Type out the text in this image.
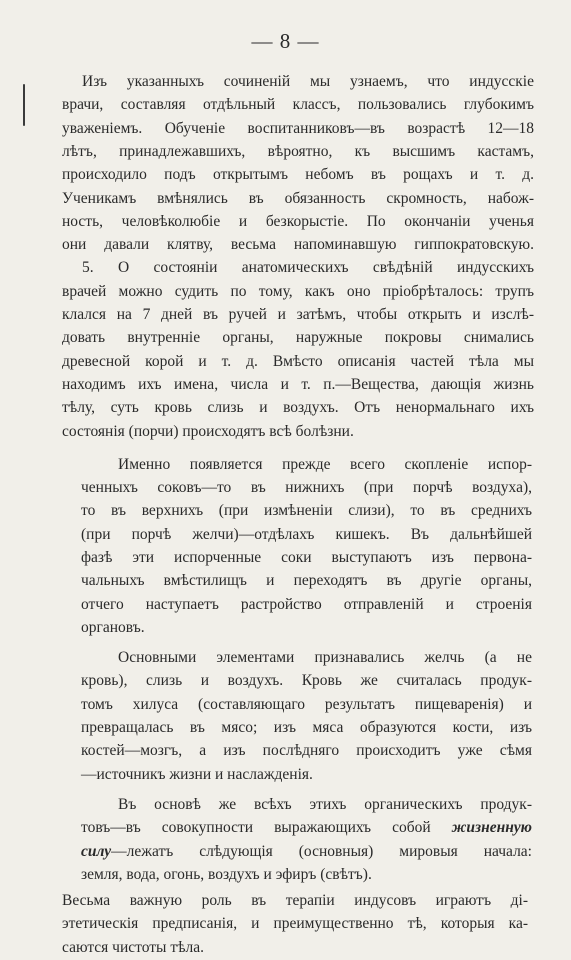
— 8 —
Изъ указанныхъ сочиненій мы узнаемъ, что индусскіе
врачи, составляя отдѣльный классъ, пользовались глубокимъ
уваженіемъ. Обученіе воспитанниковъ—въ возрастѣ 12—18
лѣтъ, принадлежавшихъ, вѣроятно, къ высшимъ кастамъ,
происходило подъ открытымъ небомъ въ рощахъ и т. д.
Ученикамъ вмѣнялись въ обязанность скромность, набож-
ность, человѣколюбіе и безкорыстіе. По окончаніи ученья
они давали клятву, весьма напоминавшую гиппократовскую.
5. О состояніи анатомическихъ свѣдѣній индусскихъ
врачей можно судить по тому, какъ оно пріобрѣталось: трупъ
клался на 7 дней въ ручей и затѣмъ, чтобы открыть и изслѣ-
довать внутренніе органы, наружные покровы снимались
древесной корой и т. д. Вмѣсто описанія частей тѣла мы
находимъ ихъ имена, числа и т. п.—Вещества, дающія жизнь
тѣлу, суть кровь слизь и воздухъ. Отъ ненормальнаго ихъ
состоянія (порчи) происходятъ всѣ болѣзни.
Именно появляется прежде всего скопленіе испор-
ченныхъ соковъ—то въ нижнихъ (при порчѣ воздуха),
то въ верхнихъ (при измѣненіи слизи), то въ среднихъ
(при порчѣ желчи)—отдѣлахъ кишекъ. Въ дальнѣйшей
фазѣ эти испорченные соки выступаютъ изъ первона-
чальныхъ вмѣстилищъ и переходятъ въ другіе органы,
отчего наступаетъ растройство отправленій и строенія
органовъ.
Основными элементами признавались желчь (а не
кровь), слизь и воздухъ. Кровь же считалась продук-
томъ хилуса (составляющаго результатъ пищеваренія) и
превращалась въ мясо; изъ мяса образуются кости, изъ
костей—мозгъ, а изъ послѣдняго происходитъ уже сѣмя
—источникъ жизни и наслажденія.
Въ основѣ же всѣхъ этихъ органическихъ продук-
товъ—въ совокупности выражающихъ собой жизненную
силу—лежатъ слѣдующія (основныя) мировыя начала:
земля, вода, огонь, воздухъ и эфиръ (свѣтъ).
Весьма важную роль въ терапіи индусовъ играютъ ді-
этетическія предписанія, и преимущественно тѣ, которыя ка-
саются чистоты тѣла.
